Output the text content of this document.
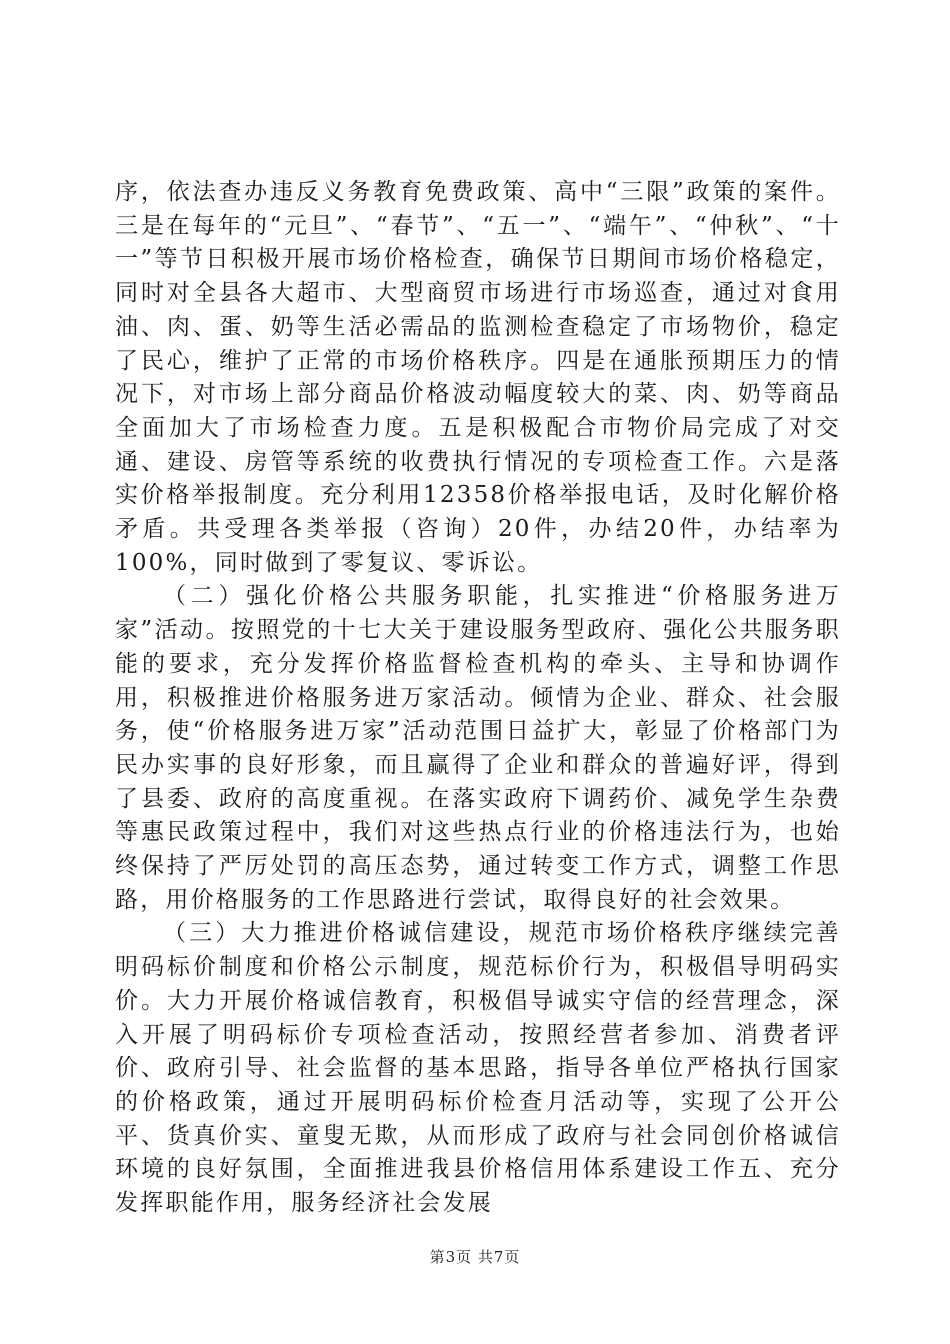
序，依法查办违反义务教育免费政策、高中“三限”政策的案件。三是在每年的“元旦”、“春节”、“五一”、“端午”、“仲秋”、“十一”等节日积极开展市场价格检查，确保节日期间市场价格稳定，同时对全县各大超市、大型商贸市场进行市场巡查，通过对食用油、肉、蛋、奶等生活必需品的监测检查稳定了市场物价，稳定了民心，维护了正常的市场价格秩序。四是在通胀预期压力的情况下，对市场上部分商品价格波动幅度较大的菜、肉、奶等商品全面加大了市场检查力度。五是积极配合市物价局完成了对交通、建设、房管等系统的收费执行情况的专项检查工作。六是落实价格举报制度。充分利用12358价格举报电话，及时化解价格矛盾。共受理各类举报（咨询）20件，办结20件，办结率为100%，同时做到了零复议、零诉讼。

（二）强化价格公共服务职能，扎实推进“价格服务进万家”活动。按照党的十七大关于建设服务型政府、强化公共服务职能的要求，充分发挥价格监督检查机构的牵头、主导和协调作用，积极推进价格服务进万家活动。倾情为企业、群众、社会服务，使“价格服务进万家”活动范围日益扩大，彰显了价格部门为民办实事的良好形象，而且赢得了企业和群众的普遍好评，得到了县委、政府的高度重视。在落实政府下调药价、减免学生杂费等惠民政策过程中，我们对这些热点行业的价格违法行为，也始终保持了严厉处罚的高压态势，通过转变工作方式，调整工作思路，用价格服务的工作思路进行尝试，取得良好的社会效果。

（三）大力推进价格诚信建设，规范市场价格秩序继续完善明码标价制度和价格公示制度，规范标价行为，积极倡导明码实价。大力开展价格诚信教育，积极倡导诚实守信的经营理念，深入开展了明码标价专项检查活动，按照经营者参加、消费者评价、政府引导、社会监督的基本思路，指导各单位严格执行国家的价格政策，通过开展明码标价检查月活动等，实现了公开公平、货真价实、童叟无欺，从而形成了政府与社会同创价格诚信环境的良好氛围，全面推进我县价格信用体系建设工作五、充分发挥职能作用，服务经济社会发展

第3页 共7页
